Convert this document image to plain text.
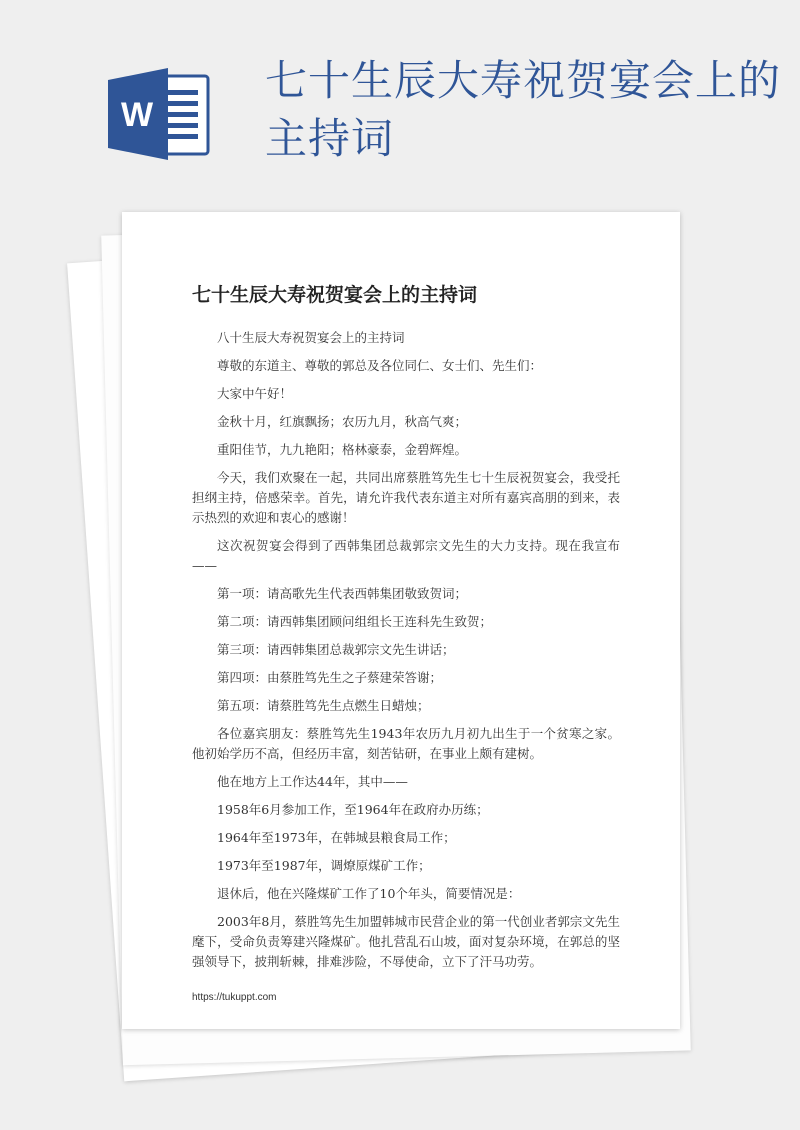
W
七十生辰大寿祝贺宴会上的主持词
七十生辰大寿祝贺宴会上的主持词

八十生辰大寿祝贺宴会上的主持词

尊敬的东道主、尊敬的郭总及各位同仁、女士们、先生们：

大家中午好！

金秋十月，红旗飘扬；农历九月，秋高气爽；

重阳佳节，九九艳阳；格林豪泰，金碧辉煌。

今天，我们欢聚在一起，共同出席蔡胜笃先生七十生辰祝贺宴会，我受托担纲主持，倍感荣幸。首先，请允许我代表东道主对所有嘉宾高朋的到来，表示热烈的欢迎和衷心的感谢！

这次祝贺宴会得到了西韩集团总裁郭宗文先生的大力支持。现在我宣布——

第一项：请高歌先生代表西韩集团敬致贺词；

第二项：请西韩集团顾问组组长王连科先生致贺；

第三项：请西韩集团总裁郭宗文先生讲话；

第四项：由蔡胜笃先生之子蔡建荣答谢；

第五项：请蔡胜笃先生点燃生日蜡烛；

各位嘉宾朋友：蔡胜笃先生1943年农历九月初九出生于一个贫寒之家。他初始学历不高，但经历丰富，刻苦钻研，在事业上颇有建树。

他在地方上工作达44年，其中——

1958年6月参加工作，至1964年在政府办历练；

1964年至1973年，在韩城县粮食局工作；

1973年至1987年，调燎原煤矿工作；

退休后，他在兴隆煤矿工作了10个年头，简要情况是：

2003年8月，蔡胜笃先生加盟韩城市民营企业的第一代创业者郭宗文先生麾下，受命负责筹建兴隆煤矿。他扎营乱石山坡，面对复杂环境，在郭总的坚强领导下，披荆斩棘，排难涉险，不辱使命，立下了汗马功劳。

https://tukuppt.com
